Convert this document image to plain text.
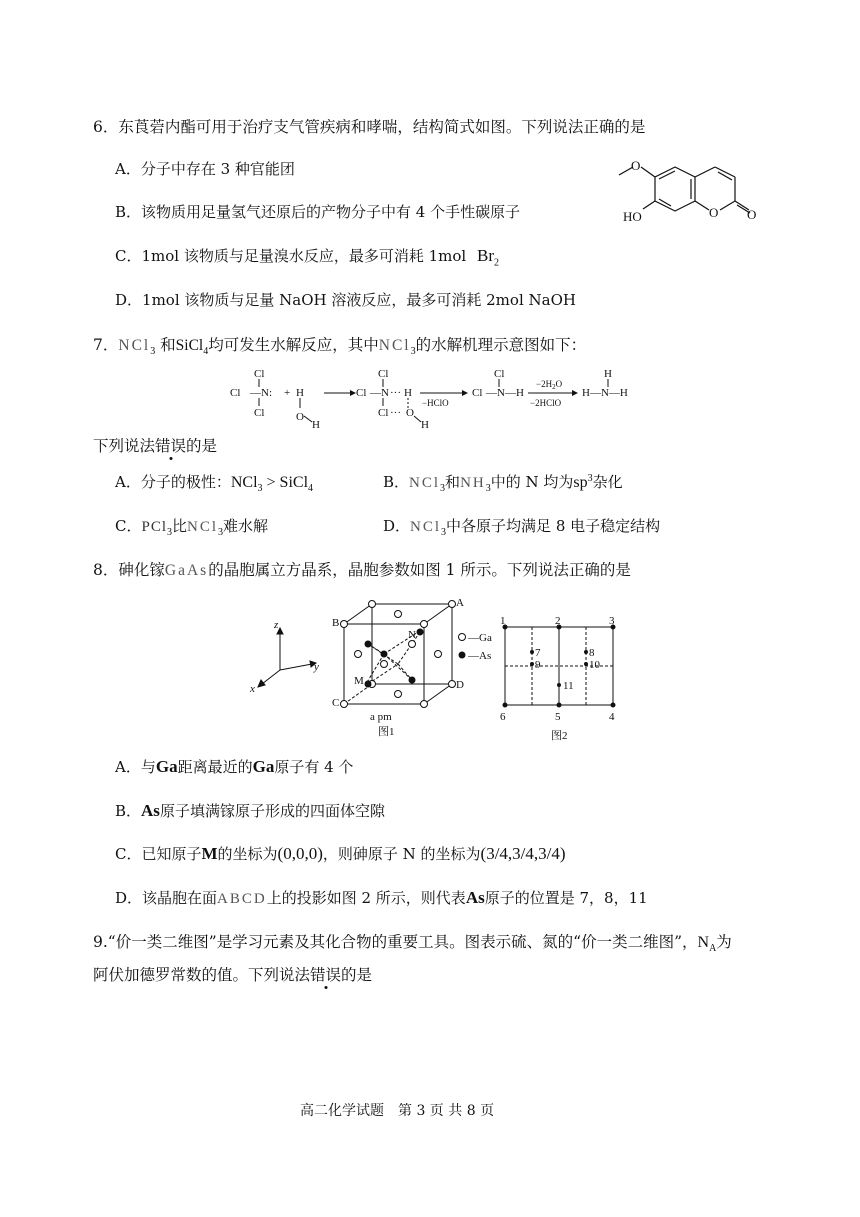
6．东莨菪内酯可用于治疗支气管疾病和哮喘，结构简式如图。下列说法正确的是
A．分子中存在 3 种官能团
B．该物质用足量氢气还原后的产物分子中有 4 个手性碳原子
C．1mol 该物质与足量溴水反应，最多可消耗 1mol $Br_2$
D．1mol 该物质与足量 NaOH 溶液反应，最多可消耗 2mol NaOH
O
HO	O O
7．NCl$_3$ 和SiCl$_4$均可发生水解反应，其中NCl$_3$的水解机理示意图如下：
Cl
Cl —N:
Cl
+ H
O
H
Cl
Cl —N ··· H
Cl ··· O
H
−HClO
Cl
Cl —N—H
$-2H_2O$
−2HClO
H
H—N—H
下列说法错误的是
A．分子的极性：NCl$_3$ > SiCl$_4$	B．NCl$_3$和$NH_3$中的 N 均为$sp^3$杂化
C．PCl$_3$比NCl$_3$难水解	D．NCl$_3$中各原子均满足 8 电子稳定结构
8．砷化镓GaAs的晶胞属立方晶系，晶胞参数如图 1 所示。下列说法正确的是
z
y
x
A
B
C
D
M
N	—Ga
—As
a pm
图1
1	2	3
4
5
6
7	8
9	10
11
图2
A．与Ga距离最近的Ga原子有 4 个
B．As原子填满镓原子形成的四面体空隙
C．已知原子M的坐标为(0,0,0)，则砷原子 N 的坐标为(3/4,3/4,3/4)
D．该晶胞在面ABCD上的投影如图 2 所示，则代表As原子的位置是 7，8，11
9.“价一类二维图”是学习元素及其化合物的重要工具。图表示硫、氮的“价一类二维图”，$N_A$为
阿伏加德罗常数的值。下列说法错误的是
高二化学试题　第 3 页 共 8 页
